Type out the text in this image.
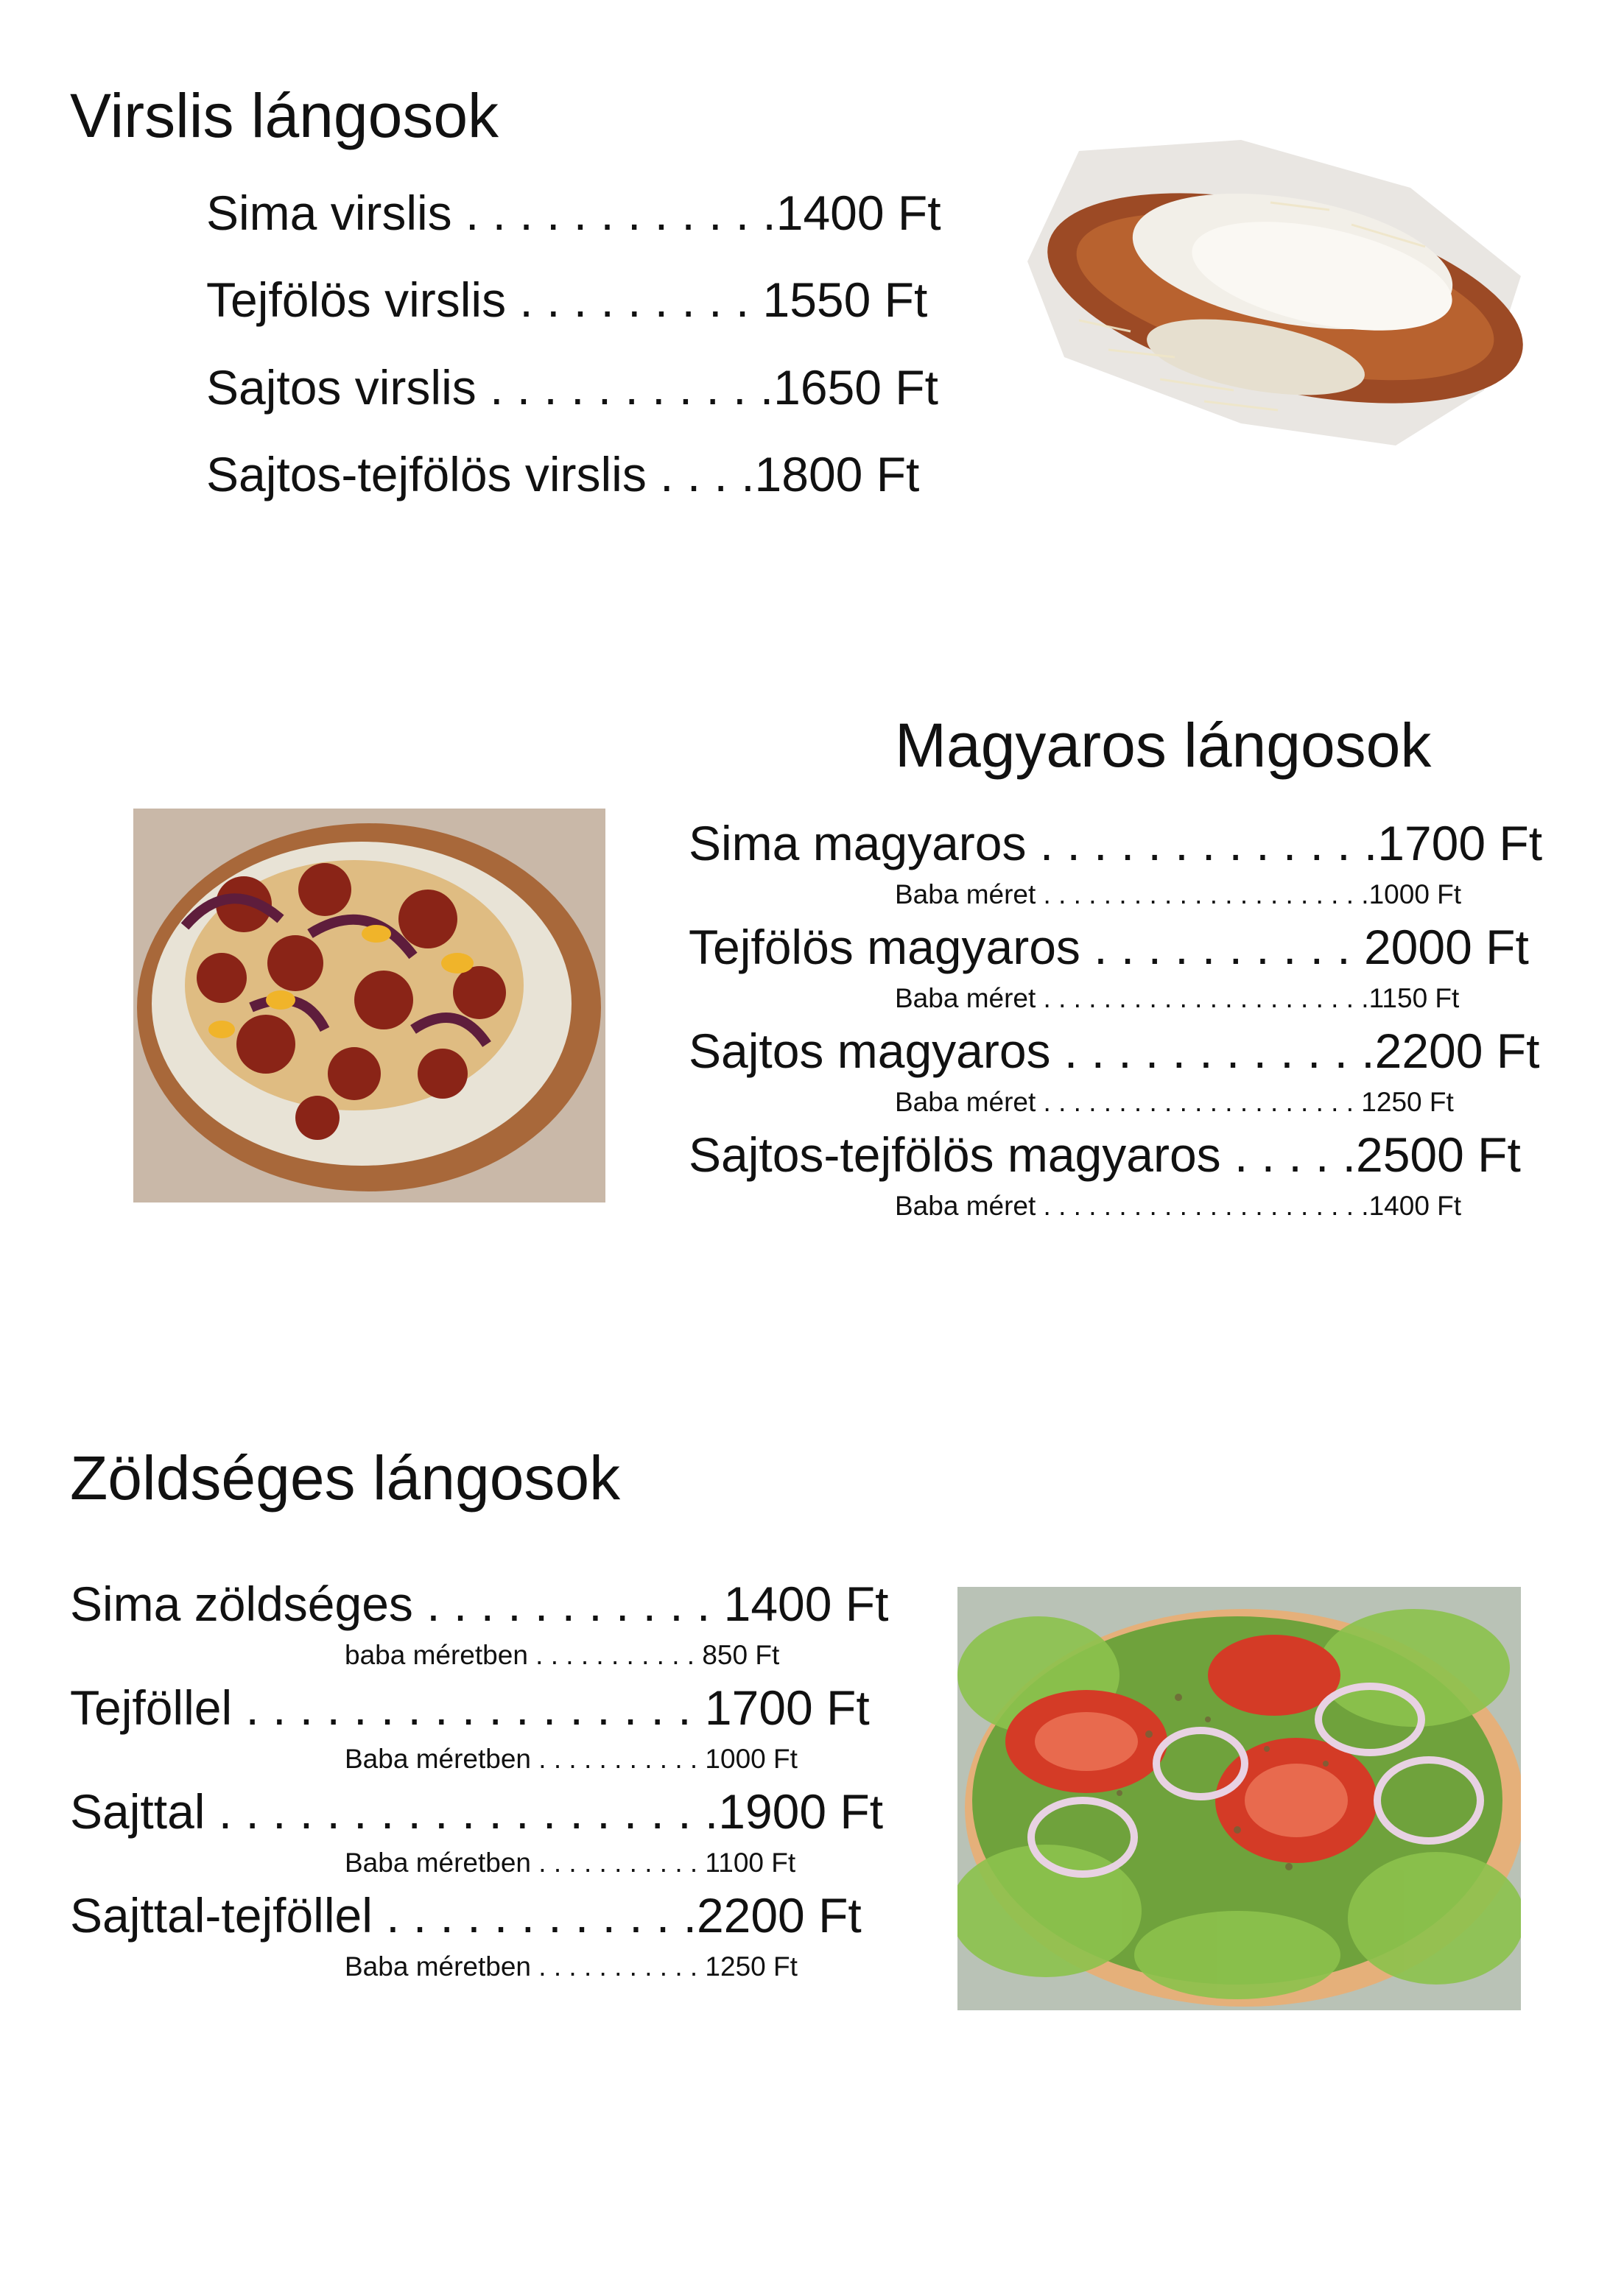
Virslis lángosok
Sima virslis . . . . . . . . . . . .1400 Ft
Tejfölös virslis . . . . . . . . . 1550 Ft
Sajtos virslis . . . . . . . . . . .1650 Ft
Sajtos-tejfölös virslis . . . .1800 Ft
Magyaros lángosok
Sima magyaros . . . . . . . . . . . . .1700 Ft
Baba méret . . . . . . . . . . . . . . . . . . . . . .1000 Ft
Tejfölös magyaros . . . . . . . . . . 2000 Ft
Baba méret . . . . . . . . . . . . . . . . . . . . . .1150 Ft
Sajtos magyaros . . . . . . . . . . . .2200 Ft
Baba méret . . . . . . . . . . . . . . . . . . . . . 1250 Ft
Sajtos-tejfölös magyaros . . . . .2500 Ft
Baba méret . . . . . . . . . . . . . . . . . . . . . .1400 Ft
Zöldséges lángosok
Sima zöldséges . . . . . . . . . . . 1400 Ft
baba méretben . . . . . . . . . . . 850 Ft
Tejföllel . . . . . . . . . . . . . . . . . 1700 Ft
Baba méretben . . . . . . . . . . . 1000 Ft
Sajttal . . . . . . . . . . . . . . . . . . .1900 Ft
Baba méretben . . . . . . . . . . . 1100 Ft
Sajttal-tejföllel . . . . . . . . . . . .2200 Ft
Baba méretben . . . . . . . . . . . 1250 Ft
